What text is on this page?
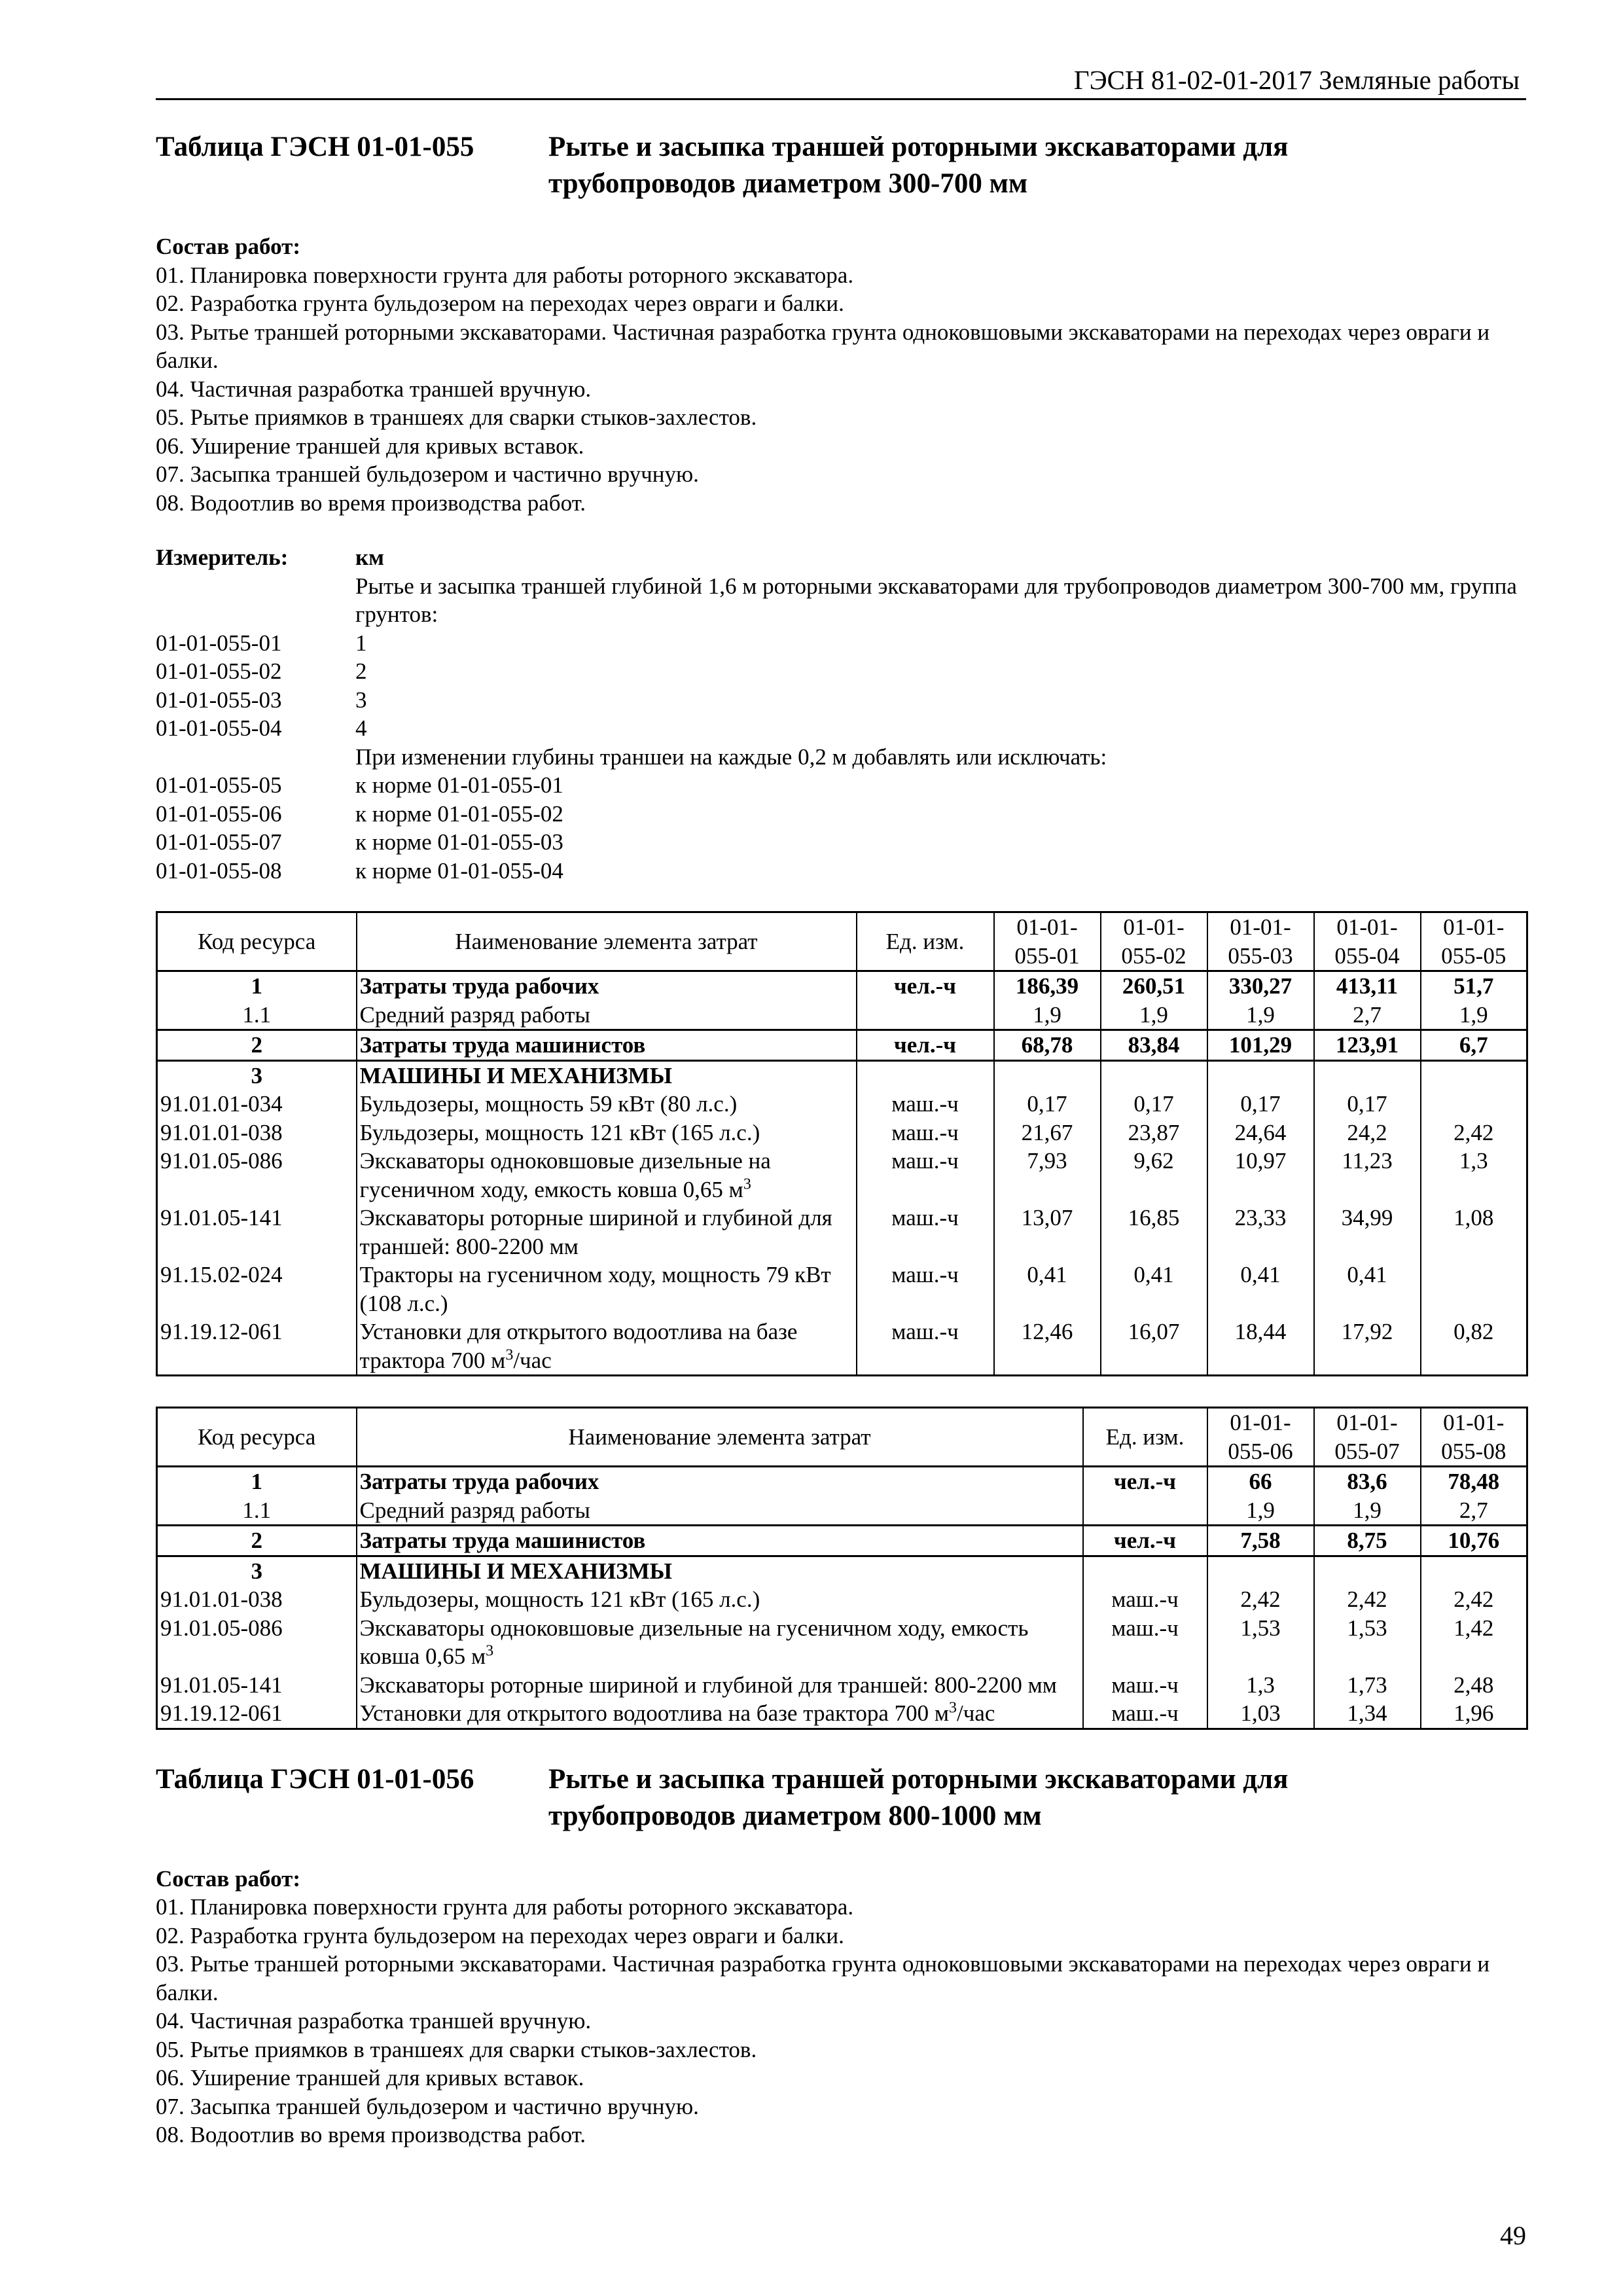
ГЭСН 81-02-01-2017 Земляные работы
Таблица ГЭСН 01-01-055	Рытье и засыпка траншей роторными экскаваторами для трубопроводов диаметром 300-700 мм
Состав работ:
01. Планировка поверхности грунта для работы роторного экскаватора.
02. Разработка грунта бульдозером на переходах через овраги и балки.
03. Рытье траншей роторными экскаваторами. Частичная разработка грунта одноковшовыми экскаваторами на переходах через овраги и балки.
04. Частичная разработка траншей вручную.
05. Рытье приямков в траншеях для сварки стыков-захлестов.
06. Уширение траншей для кривых вставок.
07. Засыпка траншей бульдозером и частично вручную.
08. Водоотлив во время производства работ.
Измеритель:	км
Рытье и засыпка траншей глубиной 1,6 м роторными экскаваторами для трубопроводов диаметром 300-700 мм, группа грунтов:
01-01-055-01	1
01-01-055-02	2
01-01-055-03	3
01-01-055-04	4
При изменении глубины траншеи на каждые 0,2 м добавлять или исключать:
01-01-055-05	к норме 01-01-055-01
01-01-055-06	к норме 01-01-055-02
01-01-055-07	к норме 01-01-055-03
01-01-055-08	к норме 01-01-055-04
Код ресурса	Наименование элемента затрат	Ед. изм.	01-01-055-01	01-01-055-02	01-01-055-03	01-01-055-04	01-01-055-05
1	Затраты труда рабочих	чел.-ч	186,39	260,51	330,27	413,11	51,7
1.1	Средний разряд работы		1,9	1,9	1,9	2,7	1,9
2	Затраты труда машинистов	чел.-ч	68,78	83,84	101,29	123,91	6,7
3	МАШИНЫ И МЕХАНИЗМЫ						
91.01.01-034	Бульдозеры, мощность 59 кВт (80 л.с.)	маш.-ч	0,17	0,17	0,17	0,17	
91.01.01-038	Бульдозеры, мощность 121 кВт (165 л.с.)	маш.-ч	21,67	23,87	24,64	24,2	2,42
91.01.05-086	Экскаваторы одноковшовые дизельные на гусеничном ходу, емкость ковша 0,65 $м^3$	маш.-ч	7,93	9,62	10,97	11,23	1,3
91.01.05-141	Экскаваторы роторные шириной и глубиной для траншей: 800-2200 мм	маш.-ч	13,07	16,85	23,33	34,99	1,08
91.15.02-024	Тракторы на гусеничном ходу, мощность 79 кВт (108 л.с.)	маш.-ч	0,41	0,41	0,41	0,41	
91.19.12-061	Установки для открытого водоотлива на базе трактора 700 $м^3$/час	маш.-ч	12,46	16,07	18,44	17,92	0,82
Код ресурса	Наименование элемента затрат	Ед. изм.	01-01-055-06	01-01-055-07	01-01-055-08
1	Затраты труда рабочих	чел.-ч	66	83,6	78,48
1.1	Средний разряд работы		1,9	1,9	2,7
2	Затраты труда машинистов	чел.-ч	7,58	8,75	10,76
3	МАШИНЫ И МЕХАНИЗМЫ				
91.01.01-038	Бульдозеры, мощность 121 кВт (165 л.с.)	маш.-ч	2,42	2,42	2,42
91.01.05-086	Экскаваторы одноковшовые дизельные на гусеничном ходу, емкость ковша 0,65 $м^3$	маш.-ч	1,53	1,53	1,42
91.01.05-141	Экскаваторы роторные шириной и глубиной для траншей: 800-2200 мм	маш.-ч	1,3	1,73	2,48
91.19.12-061	Установки для открытого водоотлива на базе трактора 700 $м^3$/час	маш.-ч	1,03	1,34	1,96
Таблица ГЭСН 01-01-056	Рытье и засыпка траншей роторными экскаваторами для трубопроводов диаметром 800-1000 мм
Состав работ:
01. Планировка поверхности грунта для работы роторного экскаватора.
02. Разработка грунта бульдозером на переходах через овраги и балки.
03. Рытье траншей роторными экскаваторами. Частичная разработка грунта одноковшовыми экскаваторами на переходах через овраги и балки.
04. Частичная разработка траншей вручную.
05. Рытье приямков в траншеях для сварки стыков-захлестов.
06. Уширение траншей для кривых вставок.
07. Засыпка траншей бульдозером и частично вручную.
08. Водоотлив во время производства работ.
49
